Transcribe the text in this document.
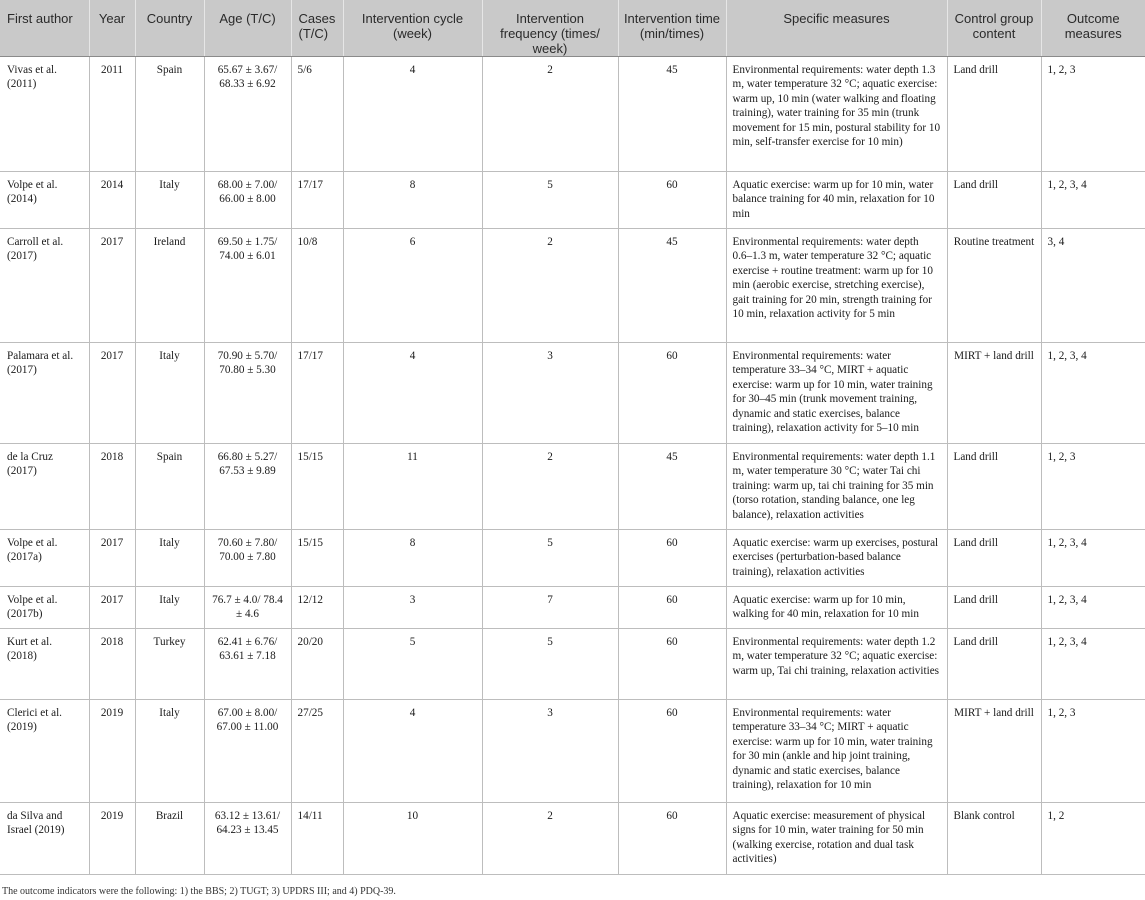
First author	Year	Country	Age (T/C)	Cases (T/C)	Intervention cycle (week)	Intervention frequency (times/ week)	Intervention time (min/times)	Specific measures	Control group content	Outcome measures
Vivas et al. (2011)	2011	Spain	65.67 ± 3.67/ 68.33 ± 6.92	5/6	4	2	45	Environmental requirements: water depth 1.3 m, water temperature 32 °C; aquatic exercise: warm up, 10 min (water walking and floating training), water training for 35 min (trunk movement for 15 min, postural stability for 10 min, self-transfer exercise for 10 min)	Land drill	1, 2, 3
Volpe et al. (2014)	2014	Italy	68.00 ± 7.00/ 66.00 ± 8.00	17/17	8	5	60	Aquatic exercise: warm up for 10 min, water balance training for 40 min, relaxation for 10 min	Land drill	1, 2, 3, 4
Carroll et al. (2017)	2017	Ireland	69.50 ± 1.75/ 74.00 ± 6.01	10/8	6	2	45	Environmental requirements: water depth 0.6–1.3 m, water temperature 32 °C; aquatic exercise + routine treatment: warm up for 10 min (aerobic exercise, stretching exercise), gait training for 20 min, strength training for 10 min, relaxation activity for 5 min	Routine treatment	3, 4
Palamara et al. (2017)	2017	Italy	70.90 ± 5.70/ 70.80 ± 5.30	17/17	4	3	60	Environmental requirements: water temperature 33–34 °C, MIRT + aquatic exercise: warm up for 10 min, water training for 30–45 min (trunk movement training, dynamic and static exercises, balance training), relaxation activity for 5–10 min	MIRT + land drill	1, 2, 3, 4
de la Cruz (2017)	2018	Spain	66.80 ± 5.27/ 67.53 ± 9.89	15/15	11	2	45	Environmental requirements: water depth 1.1 m, water temperature 30 °C; water Tai chi training: warm up, tai chi training for 35 min (torso rotation, standing balance, one leg balance), relaxation activities	Land drill	1, 2, 3
Volpe et al. (2017a)	2017	Italy	70.60 ± 7.80/ 70.00 ± 7.80	15/15	8	5	60	Aquatic exercise: warm up exercises, postural exercises (perturbation-based balance training), relaxation activities	Land drill	1, 2, 3, 4
Volpe et al. (2017b)	2017	Italy	76.7 ± 4.0/ 78.4 ± 4.6	12/12	3	7	60	Aquatic exercise: warm up for 10 min, walking for 40 min, relaxation for 10 min	Land drill	1, 2, 3, 4
Kurt et al. (2018)	2018	Turkey	62.41 ± 6.76/ 63.61 ± 7.18	20/20	5	5	60	Environmental requirements: water depth 1.2 m, water temperature 32 °C; aquatic exercise: warm up, Tai chi training, relaxation activities	Land drill	1, 2, 3, 4
Clerici et al. (2019)	2019	Italy	67.00 ± 8.00/ 67.00 ± 11.00	27/25	4	3	60	Environmental requirements: water temperature 33–34 °C; MIRT + aquatic exercise: warm up for 10 min, water training for 30 min (ankle and hip joint training, dynamic and static exercises, balance training), relaxation for 10 min	MIRT + land drill	1, 2, 3
da Silva and Israel (2019)	2019	Brazil	63.12 ± 13.61/ 64.23 ± 13.45	14/11	10	2	60	Aquatic exercise: measurement of physical signs for 10 min, water training for 50 min (walking exercise, rotation and dual task activities)	Blank control	1, 2
The outcome indicators were the following: 1) the BBS; 2) TUGT; 3) UPDRS III; and 4) PDQ-39.
